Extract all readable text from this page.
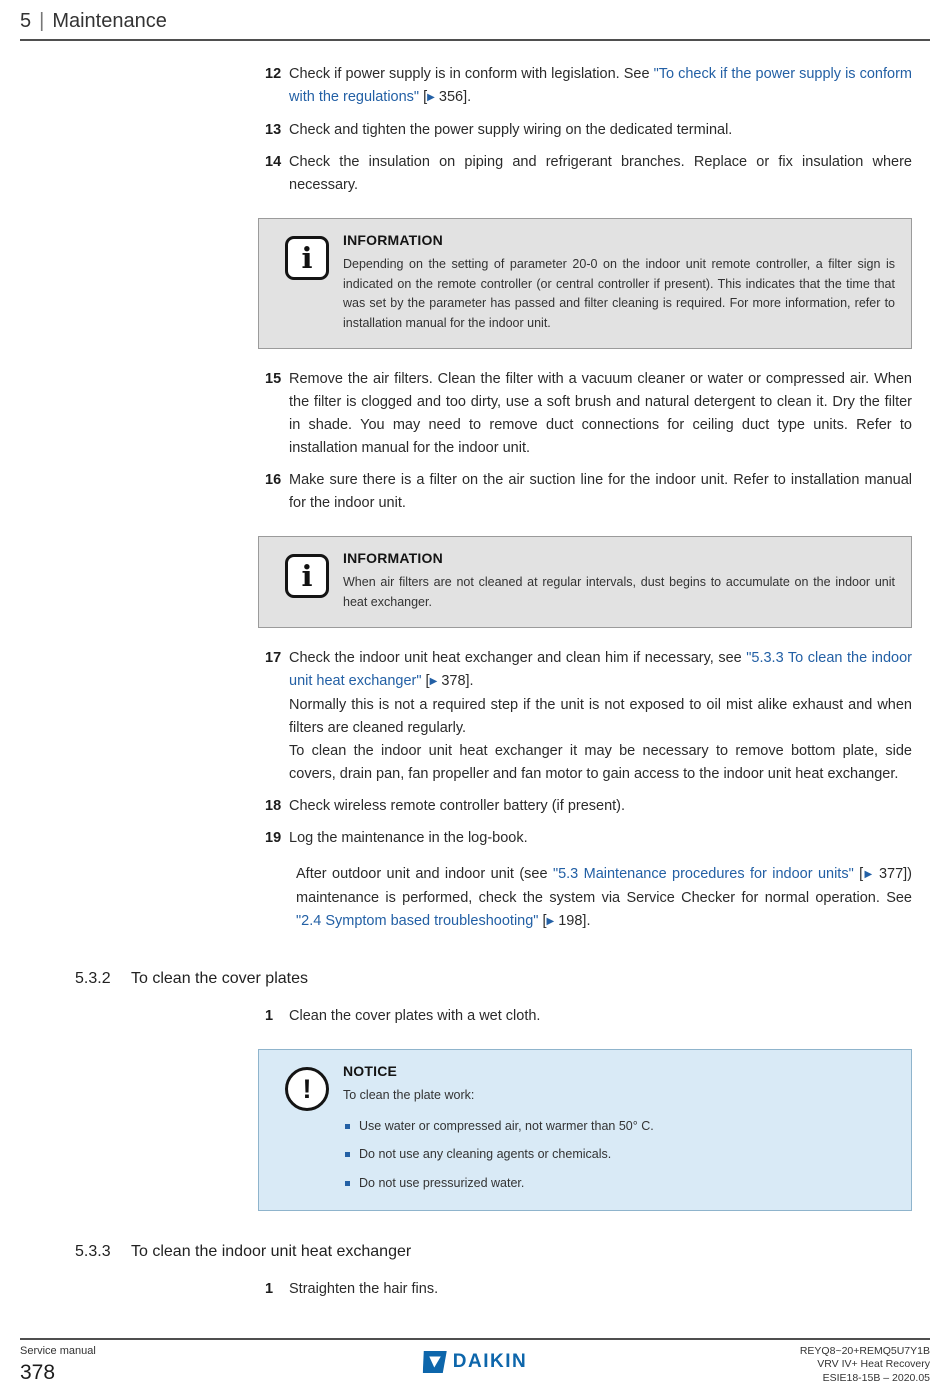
5 | Maintenance
12 Check if power supply is in conform with legislation. See "To check if the power supply is conform with the regulations" [▶ 356].

13 Check and tighten the power supply wiring on the dedicated terminal.

14 Check the insulation on piping and refrigerant branches. Replace or fix insulation where necessary.

i
INFORMATION

Depending on the setting of parameter 20-0 on the indoor unit remote controller, a filter sign is indicated on the remote controller (or central controller if present). This indicates that the time that was set by the parameter has passed and filter cleaning is required. For more information, refer to installation manual for the indoor unit.

15 Remove the air filters. Clean the filter with a vacuum cleaner or water or compressed air. When the filter is clogged and too dirty, use a soft brush and natural detergent to clean it. Dry the filter in shade. You may need to remove duct connections for ceiling duct type units. Refer to installation manual for the indoor unit.

16 Make sure there is a filter on the air suction line for the indoor unit. Refer to installation manual for the indoor unit.

i
INFORMATION

When air filters are not cleaned at regular intervals, dust begins to accumulate on the indoor unit heat exchanger.

17 Check the indoor unit heat exchanger and clean him if necessary, see "5.3.3 To clean the indoor unit heat exchanger" [▶ 378].
Normally this is not a required step if the unit is not exposed to oil mist alike exhaust and when filters are cleaned regularly.
To clean the indoor unit heat exchanger it may be necessary to remove bottom plate, side covers, drain pan, fan propeller and fan motor to gain access to the indoor unit heat exchanger.

18 Check wireless remote controller battery (if present).

19 Log the maintenance in the log-book.

After outdoor unit and indoor unit (see "5.3 Maintenance procedures for indoor units" [▶ 377]) maintenance is performed, check the system via Service Checker for normal operation. See "2.4 Symptom based troubleshooting" [▶ 198].

5.3.2	To clean the cover plates
1	Clean the cover plates with a wet cloth.

!
NOTICE

To clean the plate work:

Use water or compressed air, not warmer than 50° C.
Do not use any cleaning agents or chemicals.
Do not use pressurized water.
5.3.3	To clean the indoor unit heat exchanger
1	Straighten the hair fins.

Service manual
378	DAIKIN	REYQ8~20+REMQ5U7Y1B
VRV IV+ Heat Recovery
ESIE18-15B – 2020.05
